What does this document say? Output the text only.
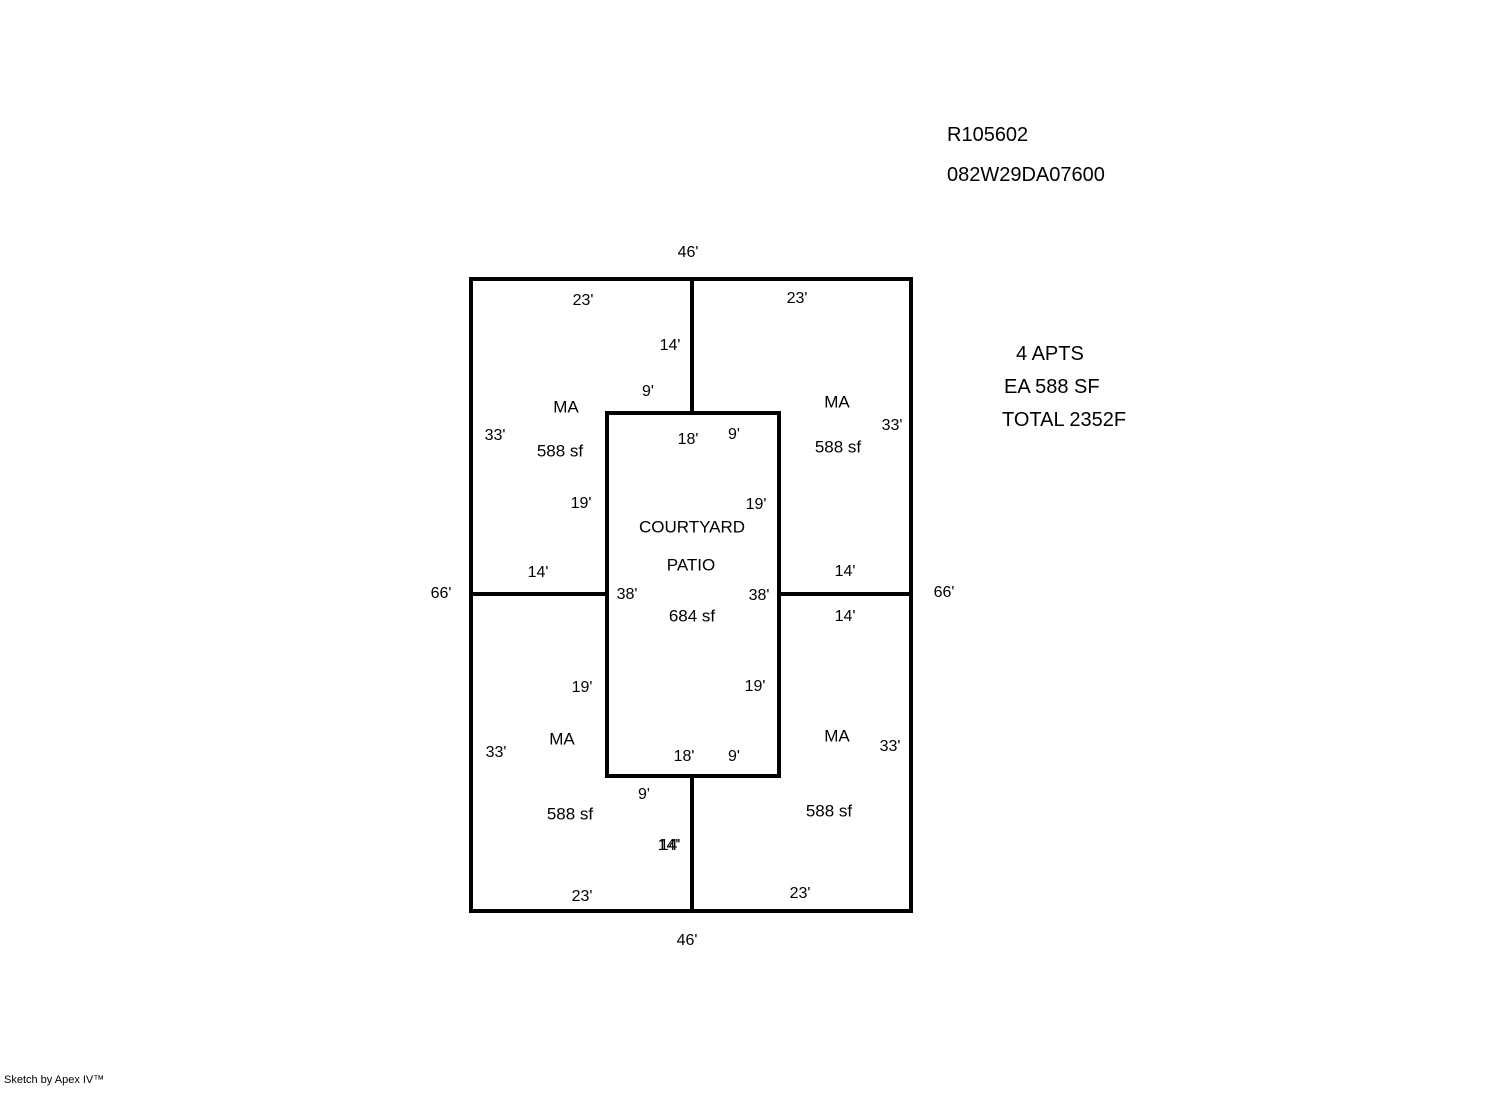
R105602
082W29DA07600
4 APTS
EA 588 SF
TOTAL 2352F
46'
46'
66'	66'
23'	23'
14'
9'
MA
33'
588 sf
MA
33'
588 sf
18' 9'
19'	19'
COURTYARD
PATIO
38'	38'
684 sf
19'	19'
18' 9'
9'
14'	14'
14'
MA
33'
588 sf
MA
33'
588 sf
14'
23'	23'
Sketch by Apex IV™
